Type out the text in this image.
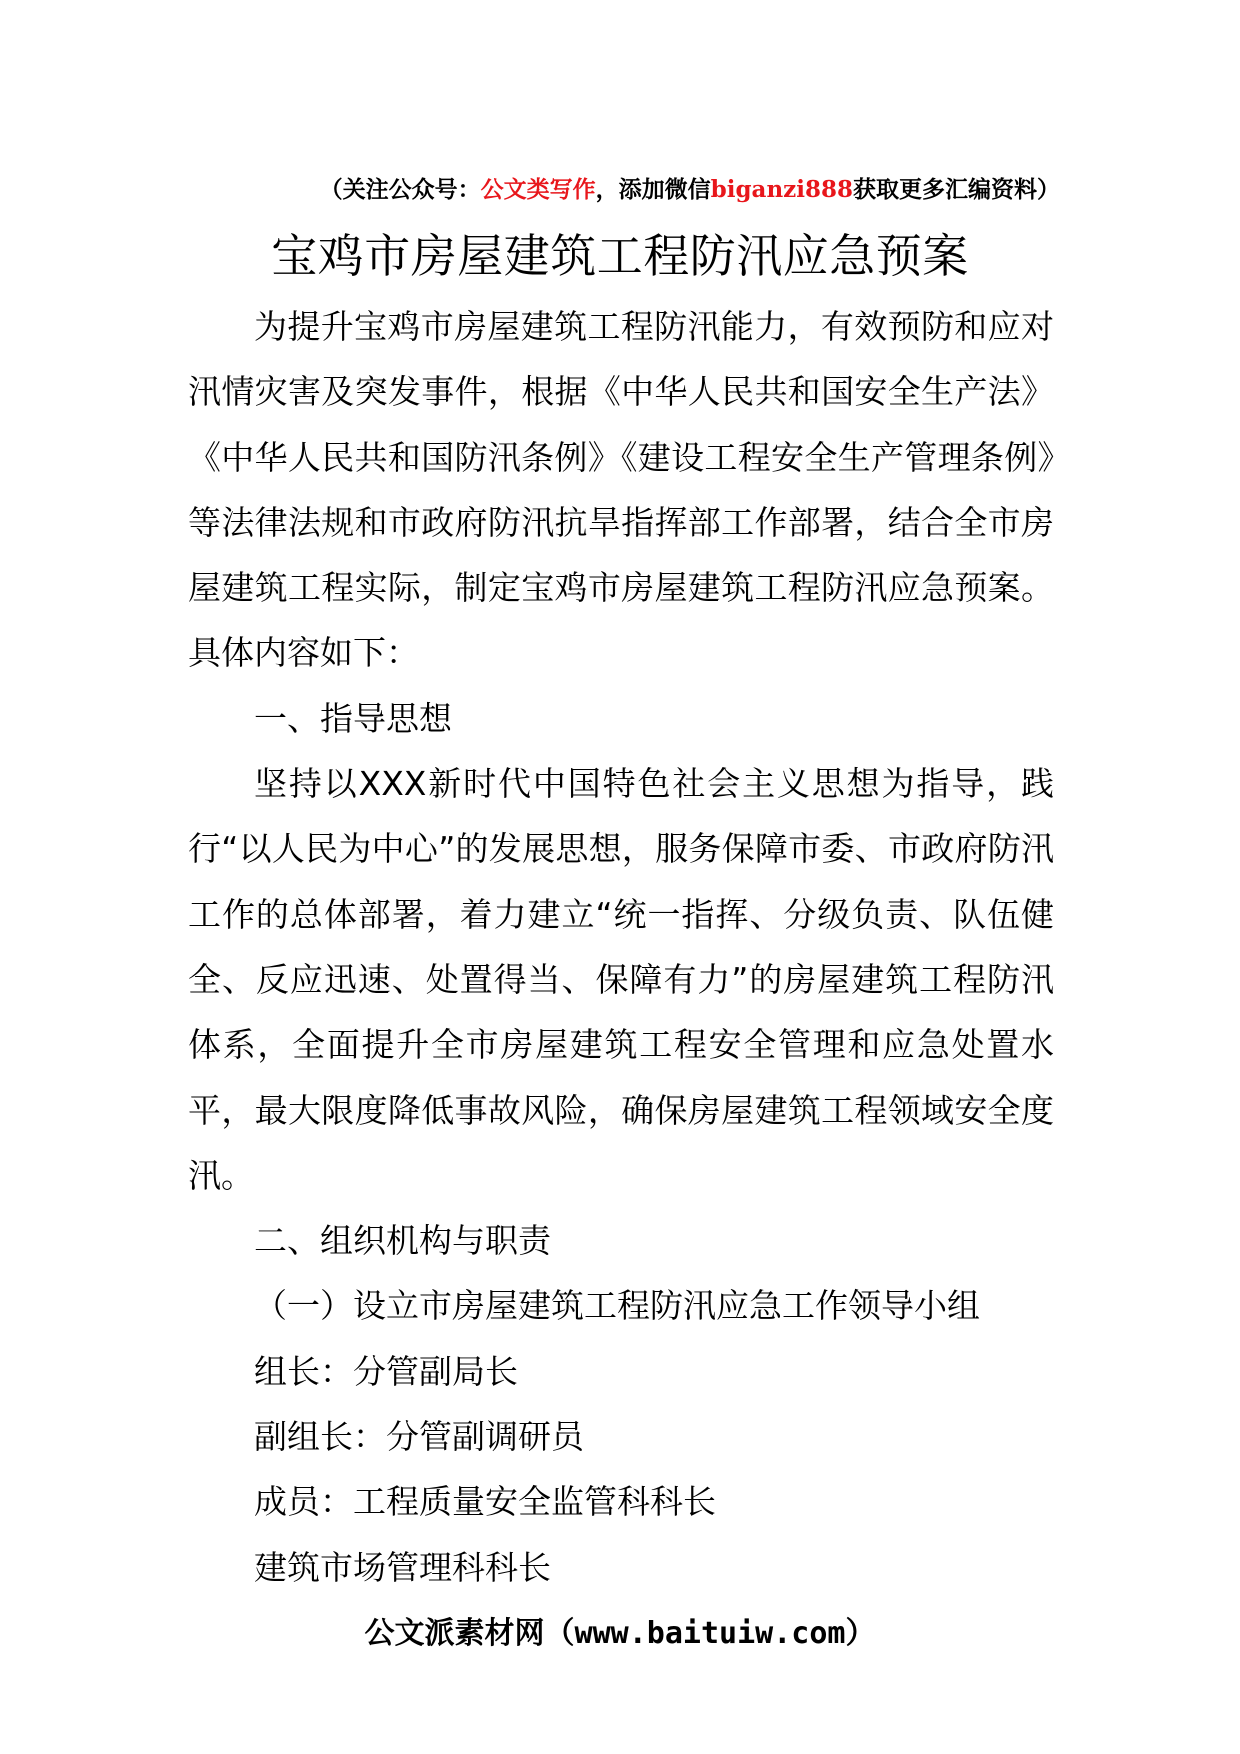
（关注公众号：公文类写作，添加微信biganzi888获取更多汇编资料）
宝鸡市房屋建筑工程防汛应急预案

为提升宝鸡市房屋建筑工程防汛能力，有效预防和应对汛情灾害及突发事件，根据《中华人民共和国安全生产法》《中华人民共和国防汛条例》《建设工程安全生产管理条例》等法律法规和市政府防汛抗旱指挥部工作部署，结合全市房屋建筑工程实际，制定宝鸡市房屋建筑工程防汛应急预案。具体内容如下：

一、指导思想

坚持以XXX新时代中国特色社会主义思想为指导，践行“以人民为中心”的发展思想，服务保障市委、市政府防汛工作的总体部署，着力建立“统一指挥、分级负责、队伍健全、反应迅速、处置得当、保障有力”的房屋建筑工程防汛体系，全面提升全市房屋建筑工程安全管理和应急处置水平，最大限度降低事故风险，确保房屋建筑工程领域安全度汛。

二、组织机构与职责

（一）设立市房屋建筑工程防汛应急工作领导小组

组长：分管副局长

副组长：分管副调研员

成员：工程质量安全监管科科长

建筑市场管理科科长

公文派素材网（www.baituiw.com）
